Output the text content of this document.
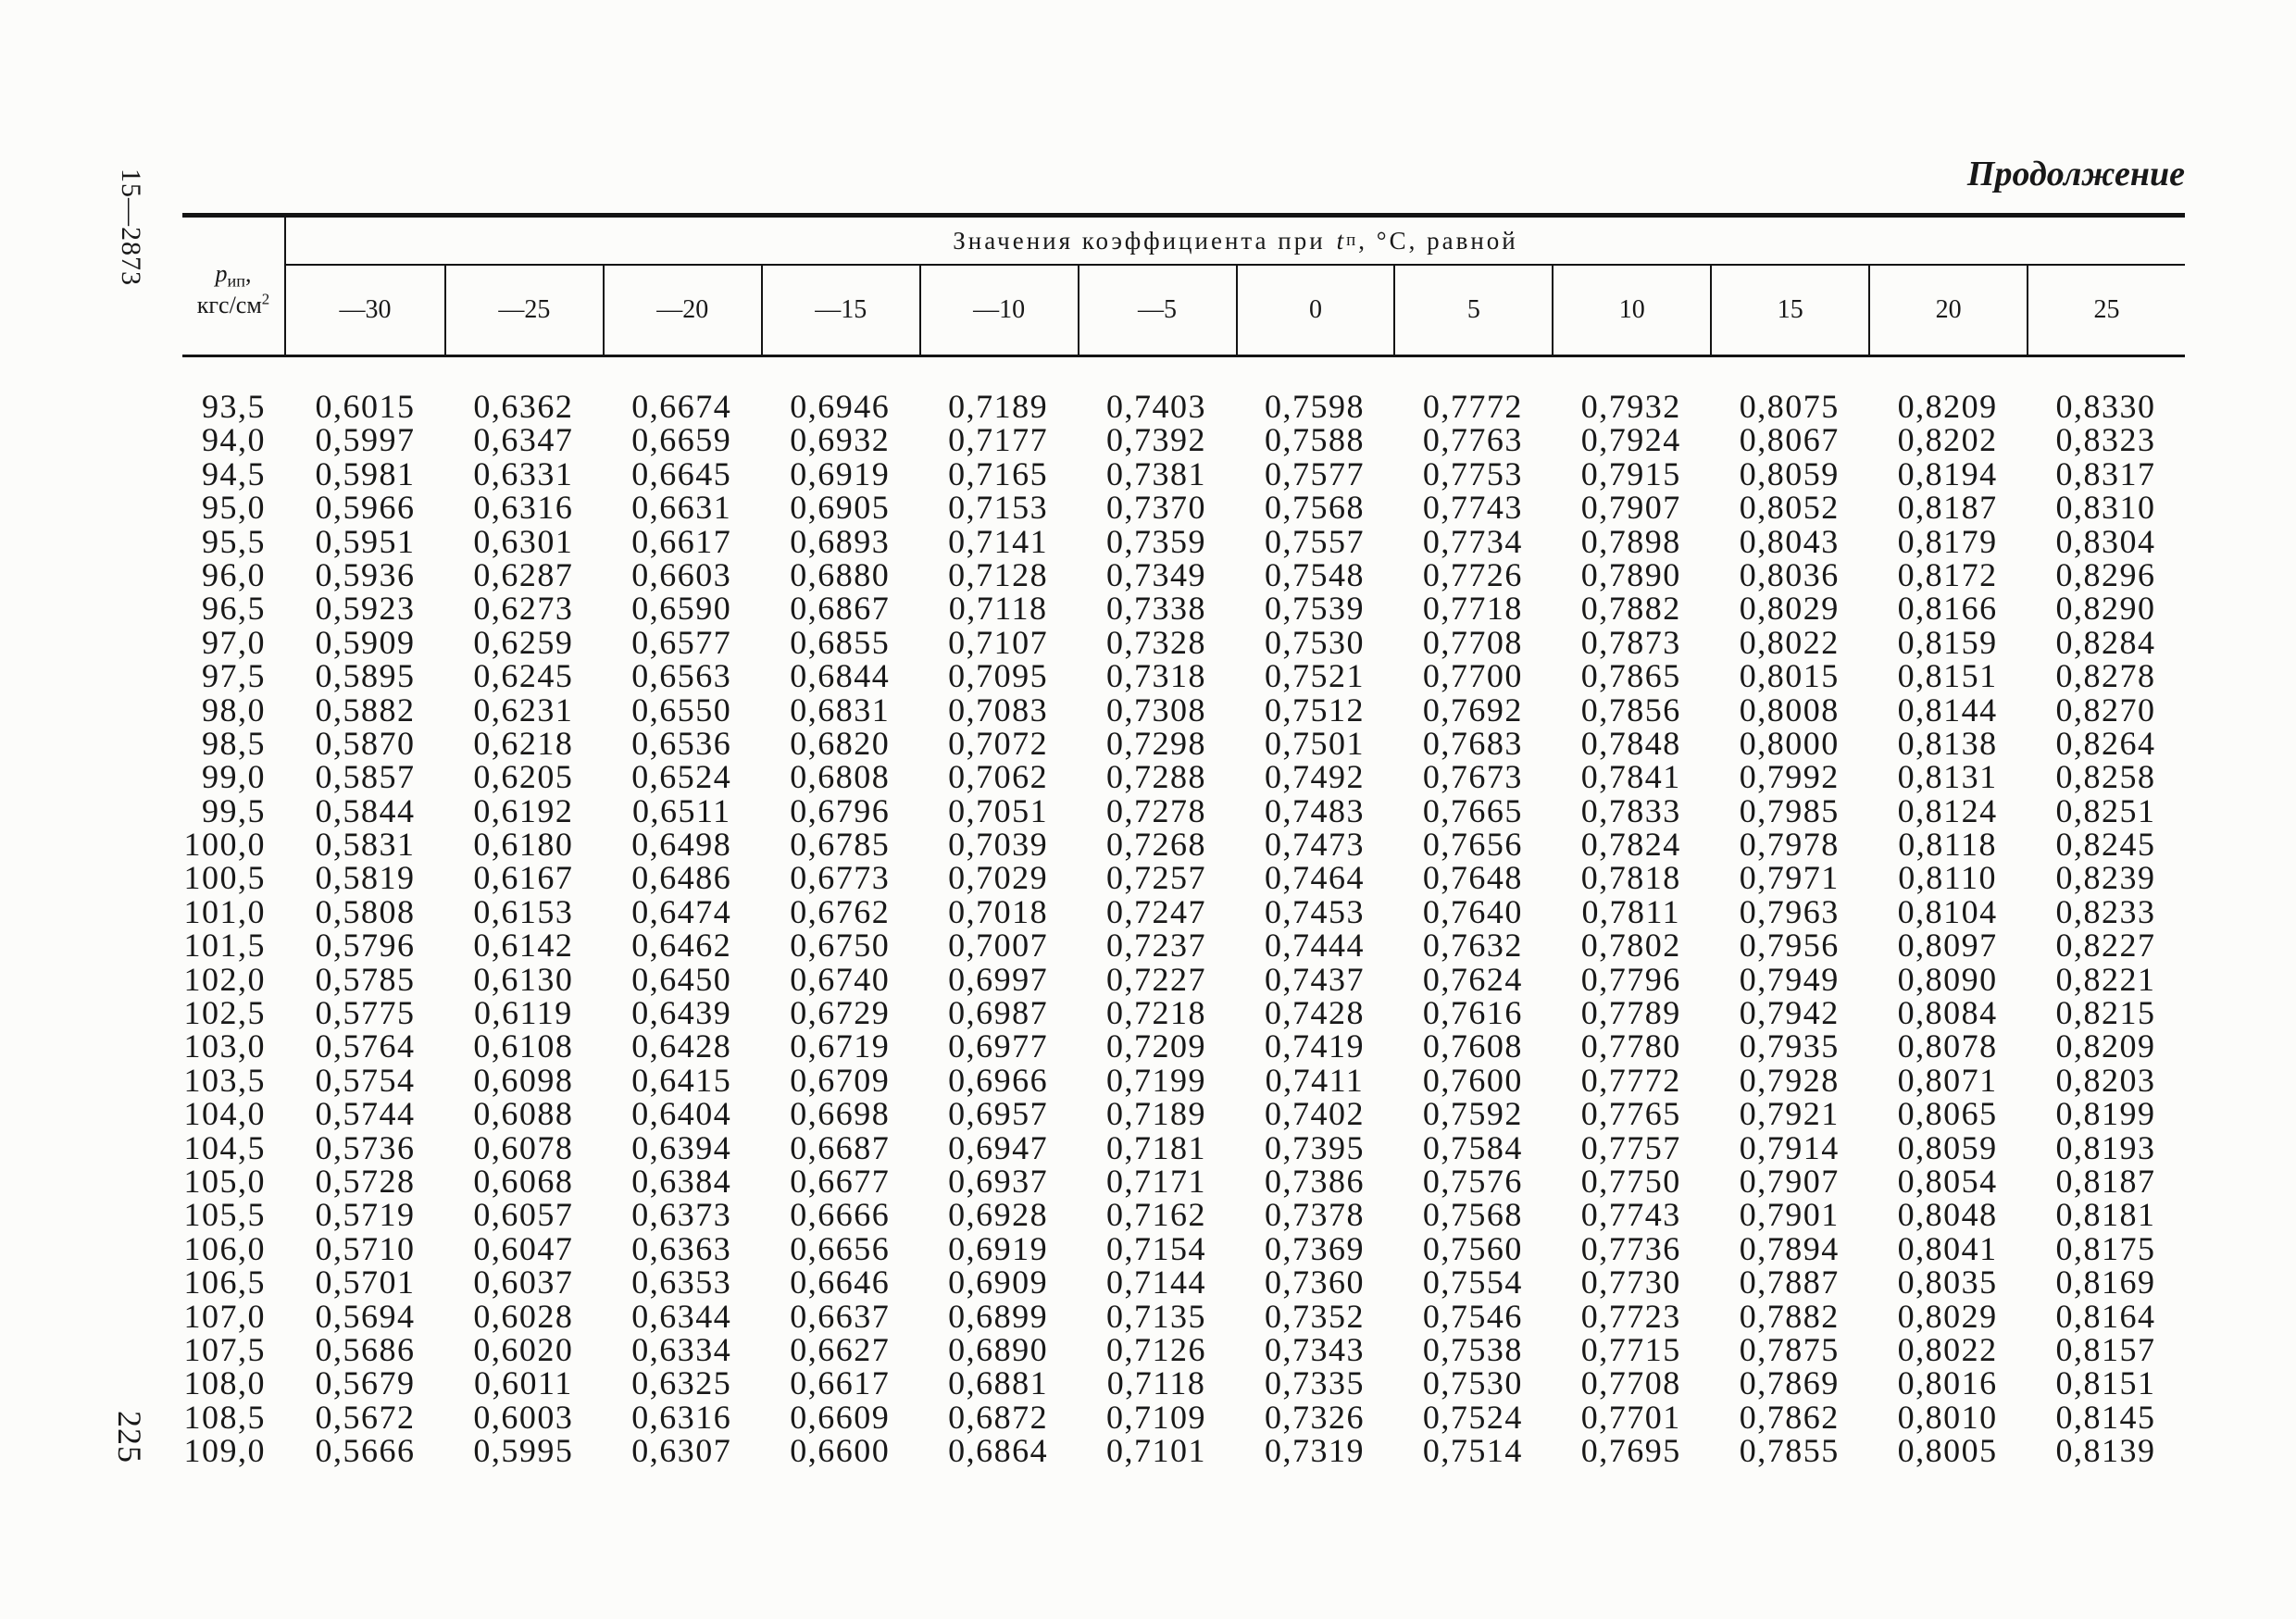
15—2873
225
Продолжение
$p_{ип}$,
кгс/$см^2$
Значения коэффициента при t п , °С, равной
—30	—25	—20	—15	—10	—5	0	5	10	15	20	25
93,5	0,6015	0,6362	0,6674	0,6946	0,7189	0,7403	0,7598	0,7772	0,7932	0,8075	0,8209	0,8330
94,0	0,5997	0,6347	0,6659	0,6932	0,7177	0,7392	0,7588	0,7763	0,7924	0,8067	0,8202	0,8323
94,5	0,5981	0,6331	0,6645	0,6919	0,7165	0,7381	0,7577	0,7753	0,7915	0,8059	0,8194	0,8317
95,0	0,5966	0,6316	0,6631	0,6905	0,7153	0,7370	0,7568	0,7743	0,7907	0,8052	0,8187	0,8310
95,5	0,5951	0,6301	0,6617	0,6893	0,7141	0,7359	0,7557	0,7734	0,7898	0,8043	0,8179	0,8304
96,0	0,5936	0,6287	0,6603	0,6880	0,7128	0,7349	0,7548	0,7726	0,7890	0,8036	0,8172	0,8296
96,5	0,5923	0,6273	0,6590	0,6867	0,7118	0,7338	0,7539	0,7718	0,7882	0,8029	0,8166	0,8290
97,0	0,5909	0,6259	0,6577	0,6855	0,7107	0,7328	0,7530	0,7708	0,7873	0,8022	0,8159	0,8284
97,5	0,5895	0,6245	0,6563	0,6844	0,7095	0,7318	0,7521	0,7700	0,7865	0,8015	0,8151	0,8278
98,0	0,5882	0,6231	0,6550	0,6831	0,7083	0,7308	0,7512	0,7692	0,7856	0,8008	0,8144	0,8270
98,5	0,5870	0,6218	0,6536	0,6820	0,7072	0,7298	0,7501	0,7683	0,7848	0,8000	0,8138	0,8264
99,0	0,5857	0,6205	0,6524	0,6808	0,7062	0,7288	0,7492	0,7673	0,7841	0,7992	0,8131	0,8258
99,5	0,5844	0,6192	0,6511	0,6796	0,7051	0,7278	0,7483	0,7665	0,7833	0,7985	0,8124	0,8251
100,0	0,5831	0,6180	0,6498	0,6785	0,7039	0,7268	0,7473	0,7656	0,7824	0,7978	0,8118	0,8245
100,5	0,5819	0,6167	0,6486	0,6773	0,7029	0,7257	0,7464	0,7648	0,7818	0,7971	0,8110	0,8239
101,0	0,5808	0,6153	0,6474	0,6762	0,7018	0,7247	0,7453	0,7640	0,7811	0,7963	0,8104	0,8233
101,5	0,5796	0,6142	0,6462	0,6750	0,7007	0,7237	0,7444	0,7632	0,7802	0,7956	0,8097	0,8227
102,0	0,5785	0,6130	0,6450	0,6740	0,6997	0,7227	0,7437	0,7624	0,7796	0,7949	0,8090	0,8221
102,5	0,5775	0,6119	0,6439	0,6729	0,6987	0,7218	0,7428	0,7616	0,7789	0,7942	0,8084	0,8215
103,0	0,5764	0,6108	0,6428	0,6719	0,6977	0,7209	0,7419	0,7608	0,7780	0,7935	0,8078	0,8209
103,5	0,5754	0,6098	0,6415	0,6709	0,6966	0,7199	0,7411	0,7600	0,7772	0,7928	0,8071	0,8203
104,0	0,5744	0,6088	0,6404	0,6698	0,6957	0,7189	0,7402	0,7592	0,7765	0,7921	0,8065	0,8199
104,5	0,5736	0,6078	0,6394	0,6687	0,6947	0,7181	0,7395	0,7584	0,7757	0,7914	0,8059	0,8193
105,0	0,5728	0,6068	0,6384	0,6677	0,6937	0,7171	0,7386	0,7576	0,7750	0,7907	0,8054	0,8187
105,5	0,5719	0,6057	0,6373	0,6666	0,6928	0,7162	0,7378	0,7568	0,7743	0,7901	0,8048	0,8181
106,0	0,5710	0,6047	0,6363	0,6656	0,6919	0,7154	0,7369	0,7560	0,7736	0,7894	0,8041	0,8175
106,5	0,5701	0,6037	0,6353	0,6646	0,6909	0,7144	0,7360	0,7554	0,7730	0,7887	0,8035	0,8169
107,0	0,5694	0,6028	0,6344	0,6637	0,6899	0,7135	0,7352	0,7546	0,7723	0,7882	0,8029	0,8164
107,5	0,5686	0,6020	0,6334	0,6627	0,6890	0,7126	0,7343	0,7538	0,7715	0,7875	0,8022	0,8157
108,0	0,5679	0,6011	0,6325	0,6617	0,6881	0,7118	0,7335	0,7530	0,7708	0,7869	0,8016	0,8151
108,5	0,5672	0,6003	0,6316	0,6609	0,6872	0,7109	0,7326	0,7524	0,7701	0,7862	0,8010	0,8145
109,0	0,5666	0,5995	0,6307	0,6600	0,6864	0,7101	0,7319	0,7514	0,7695	0,7855	0,8005	0,8139
